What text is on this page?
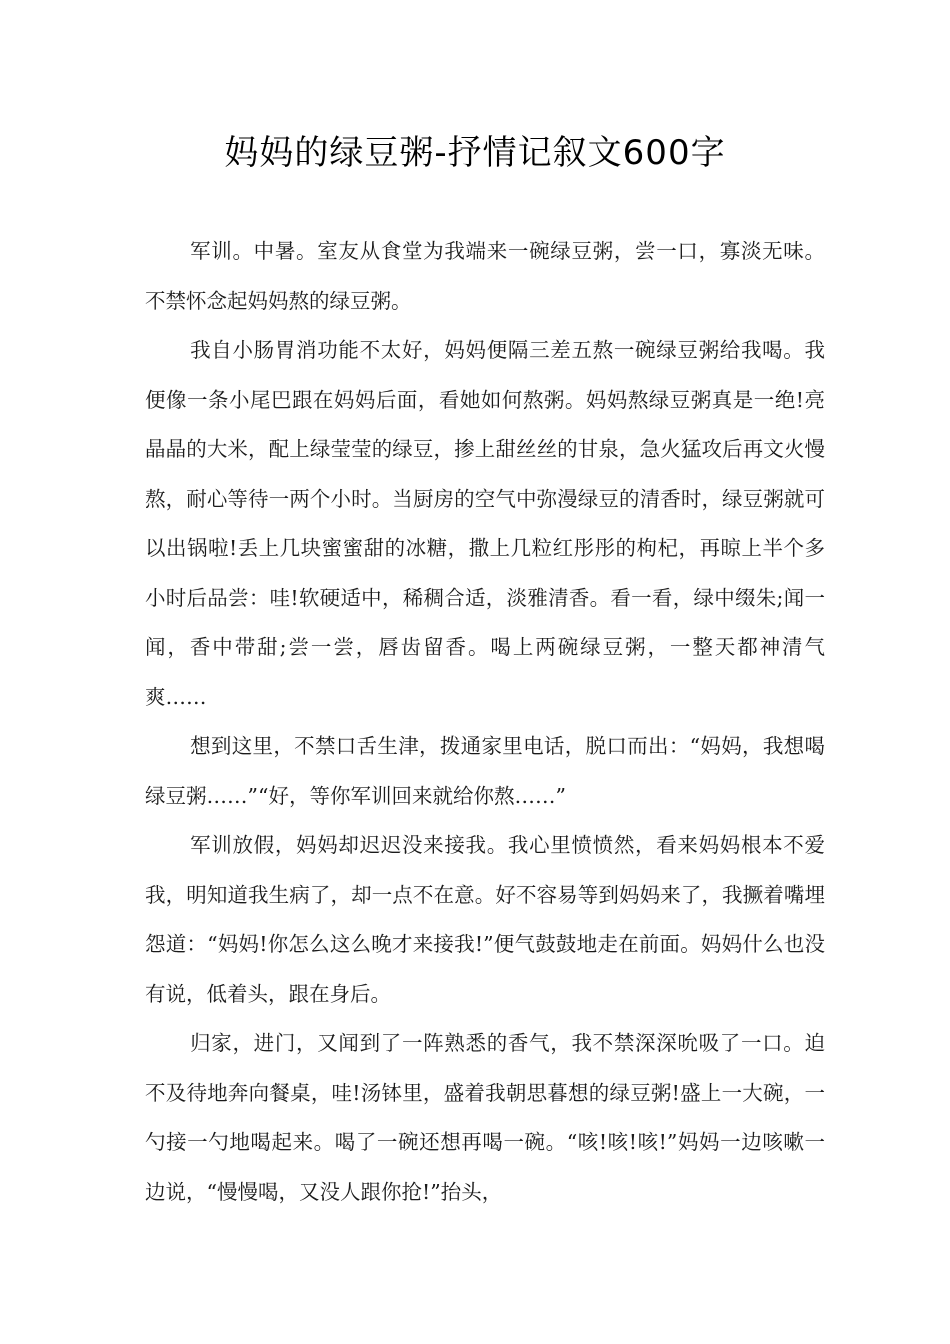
妈妈的绿豆粥-抒情记叙文600字

军训。中暑。室友从食堂为我端来一碗绿豆粥，尝一口，寡淡无味。不禁怀念起妈妈熬的绿豆粥。

我自小肠胃消功能不太好，妈妈便隔三差五熬一碗绿豆粥给我喝。我便像一条小尾巴跟在妈妈后面，看她如何熬粥。妈妈熬绿豆粥真是一绝!亮晶晶的大米，配上绿莹莹的绿豆，掺上甜丝丝的甘泉，急火猛攻后再文火慢熬，耐心等待一两个小时。当厨房的空气中弥漫绿豆的清香时，绿豆粥就可以出锅啦!丢上几块蜜蜜甜的冰糖，撒上几粒红彤彤的枸杞，再晾上半个多小时后品尝：哇!软硬适中，稀稠合适，淡雅清香。看一看，绿中缀朱;闻一闻，香中带甜;尝一尝，唇齿留香。喝上两碗绿豆粥，一整天都神清气爽……

想到这里，不禁口舌生津，拨通家里电话，脱口而出：“妈妈，我想喝绿豆粥……”“好，等你军训回来就给你熬……”

军训放假，妈妈却迟迟没来接我。我心里愤愤然，看来妈妈根本不爱我，明知道我生病了，却一点不在意。好不容易等到妈妈来了，我撅着嘴埋怨道：“妈妈!你怎么这么晚才来接我!”便气鼓鼓地走在前面。妈妈什么也没有说，低着头，跟在身后。

归家，进门，又闻到了一阵熟悉的香气，我不禁深深吮吸了一口。迫不及待地奔向餐桌，哇!汤钵里，盛着我朝思暮想的绿豆粥!盛上一大碗，一勺接一勺地喝起来。喝了一碗还想再喝一碗。“咳!咳!咳!”妈妈一边咳嗽一边说，“慢慢喝，又没人跟你抢!”抬头，
